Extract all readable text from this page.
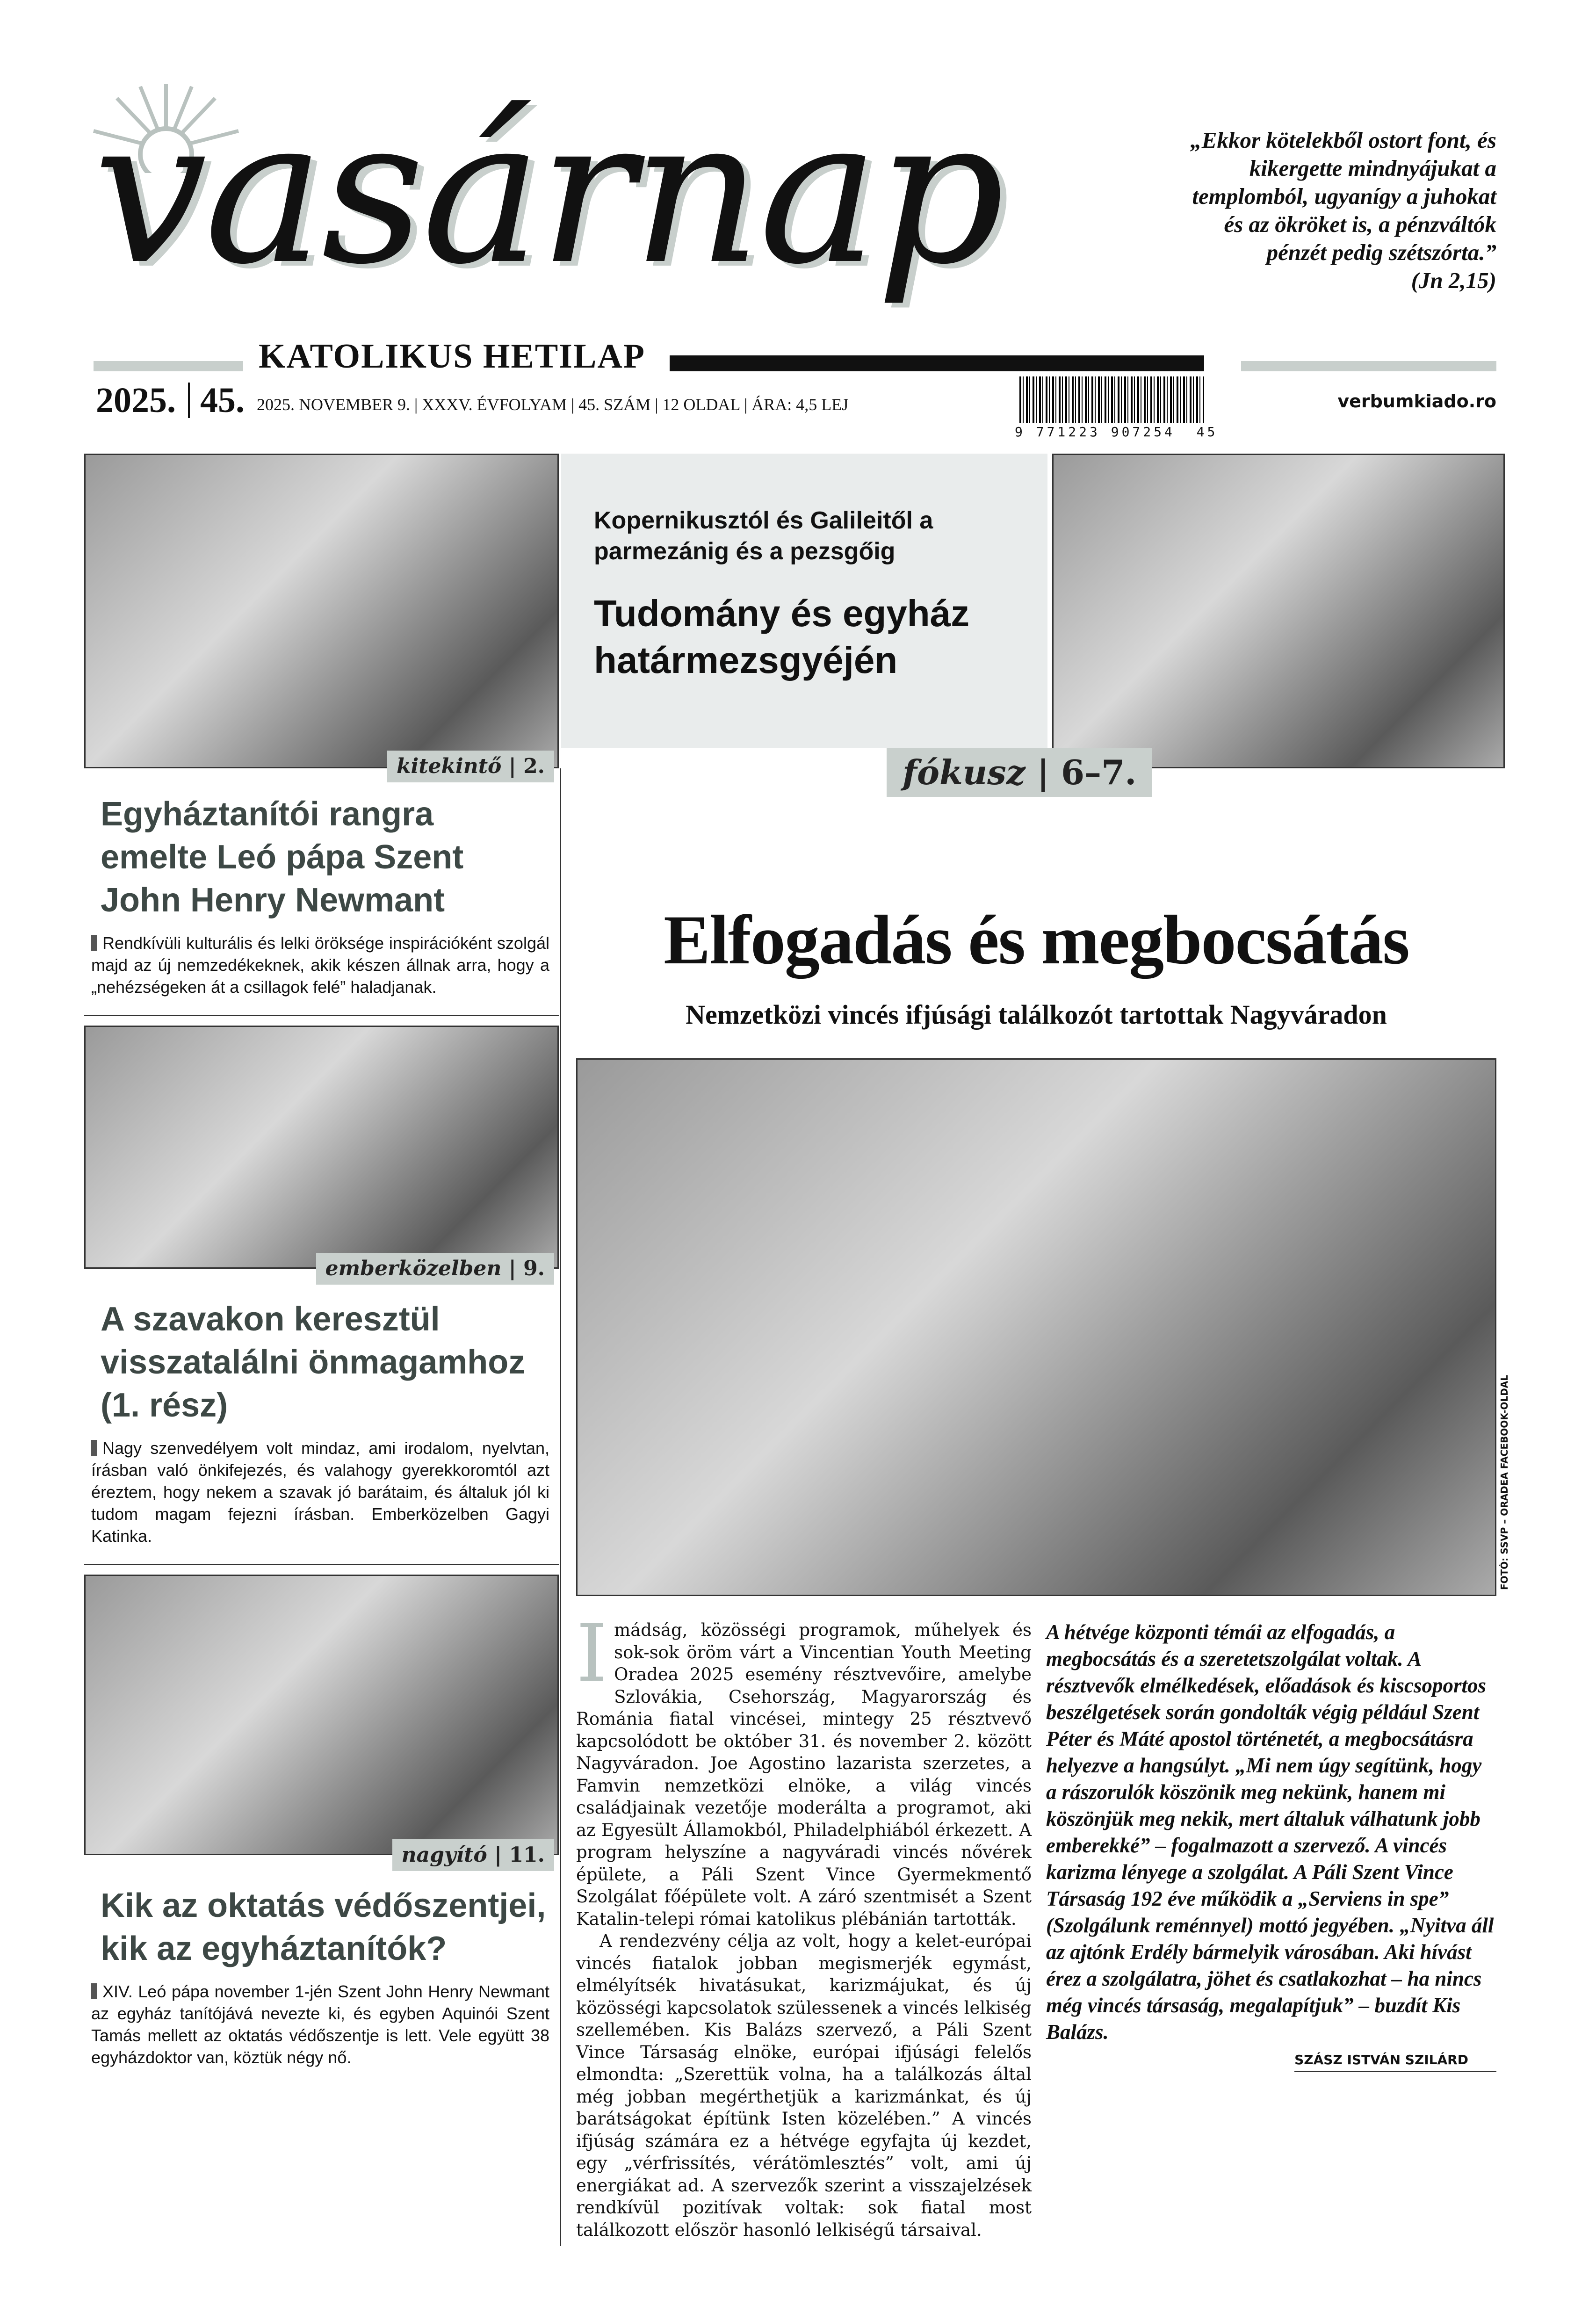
vasárnap
KATOLIKUS HETILAP
„Ekkor kötelekből ostort font, és kikergette mindnyájukat a templomból, ugyanígy a juhokat és az ökröket is, a pénzváltók pénzét pedig szétszórta.”
(Jn 2,15)
2025. 45. 2025. NOVEMBER 9. | XXXV. ÉVFOLYAM | 45. SZÁM | 12 OLDAL | ÁRA: 4,5 LEJ
9 771223 907254 45
verbumkiado.ro
Kopernikusztól és Galileitől a parmezánig és a pezsgőig
Tudomány és egyház határmezsgyéjén
fókusz | 6–7.
kitekintő | 2.
Egyháztanítói rangra emelte Leó pápa Szent John Henry Newmant
Rendkívüli kulturális és lelki öröksége inspirációként szolgál majd az új nemzedékeknek, akik készen állnak arra, hogy a „nehézségeken át a csillagok felé” haladjanak.
emberközelben | 9.
A szavakon keresztül visszatalálni önmagamhoz (1. rész)
Nagy szenvedélyem volt mindaz, ami irodalom, nyelvtan, írásban való önkifejezés, és valahogy gyerekkoromtól azt éreztem, hogy nekem a szavak jó barátaim, és általuk jól ki tudom magam fejezni írásban. Emberközelben Gagyi Katinka.
nagyító | 11.
Kik az oktatás védőszentjei, kik az egyháztanítók?
XIV. Leó pápa november 1-jén Szent John Henry Newmant az egyház tanítójává nevezte ki, és egyben Aquinói Szent Tamás mellett az oktatás védőszentje is lett. Vele együtt 38 egyházdoktor van, köztük négy nő.
Elfogadás és megbocsátás
Nemzetközi vincés ifjúsági találkozót tartottak Nagyváradon
FOTÓ: SSVP – ORADEA FACEBOOK-OLDAL

Imádság, közösségi programok, műhelyek és sok-sok öröm várt a Vincentian Youth Meeting Oradea 2025 esemény résztvevőire, amelybe Szlovákia, Csehország, Magyarország és Románia fiatal vincései, mintegy 25 résztvevő kapcsolódott be október 31. és november 2. között Nagyváradon. Joe Agostino lazarista szerzetes, a Famvin nemzetközi elnöke, a világ vincés családjainak vezetője moderálta a programot, aki az Egyesült Államokból, Philadelphiából érkezett. A program helyszíne a nagyváradi vincés nővérek épülete, a Páli Szent Vince Gyermekmentő Szolgálat főépülete volt. A záró szentmisét a Szent Katalin-telepi római katolikus plébánián tartották.

A rendezvény célja az volt, hogy a kelet-európai vincés fiatalok jobban megismerjék egymást, elmélyítsék hivatásukat, karizmájukat, és új közösségi kapcsolatok szülessenek a vincés lelkiség szellemében. Kis Balázs szervező, a Páli Szent Vince Társaság elnöke, európai ifjúsági felelős elmondta: „Szerettük volna, ha a találkozás által még jobban megérthetjük a karizmánkat, és új barátságokat építünk Isten közelében.” A vincés ifjúság számára ez a hétvége egyfajta új kezdet, egy „vérfrissítés, vérátömlesztés” volt, ami új energiákat ad. A szervezők szerint a visszajelzések rendkívül pozitívak voltak: sok fiatal most találkozott először hasonló lelkiségű társaival.

A hétvége központi témái az elfogadás, a megbocsátás és a szeretetszolgálat voltak. A résztvevők elmélkedések, előadások és kiscsoportos beszélgetések során gondolták végig például Szent Péter és Máté apostol történetét, a megbocsátásra helyezve a hangsúlyt. „Mi nem úgy segítünk, hogy a rászorulók köszönik meg nekünk, hanem mi köszönjük meg nekik, mert általuk válhatunk jobb emberekké” – fogalmazott a szervező. A vincés karizma lényege a szolgálat. A Páli Szent Vince Társaság 192 éve működik a „Serviens in spe” (Szolgálunk reménnyel) mottó jegyében. „Nyitva áll az ajtónk Erdély bármelyik városában. Aki hívást érez a szolgálatra, jöhet és csatlakozhat – ha nincs még vincés társaság, megalapítjuk” – buzdít Kis Balázs.
SZÁSZ ISTVÁN SZILÁRD
